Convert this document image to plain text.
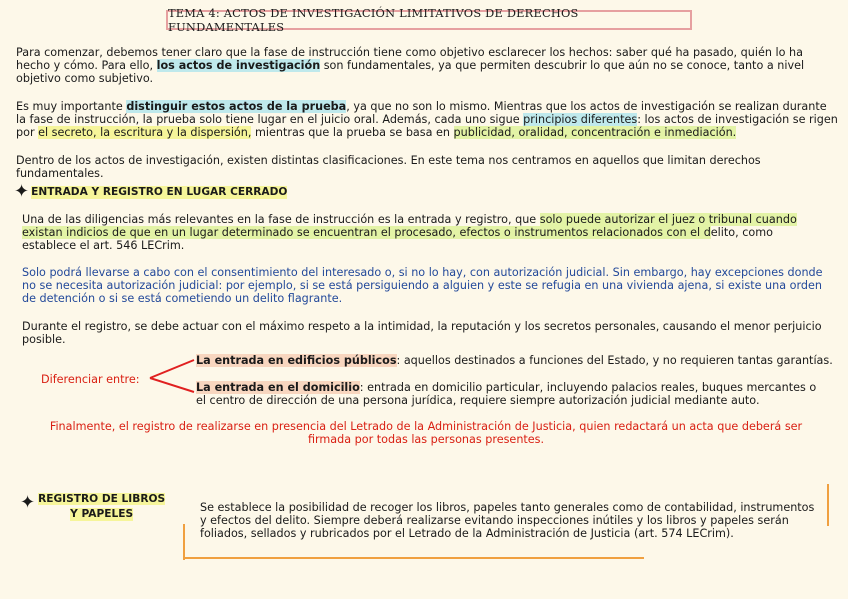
TEMA 4: ACTOS DE INVESTIGACIÓN LIMITATIVOS DE DERECHOS FUNDAMENTALES

Para comenzar, debemos tener claro que la fase de instrucción tiene como objetivo esclarecer los hechos: saber qué ha pasado, quién lo ha hecho y cómo. Para ello, los actos de investigación son fundamentales, ya que permiten descubrir lo que aún no se conoce, tanto a nivel objetivo como subjetivo.

Es muy importante distinguir estos actos de la prueba, ya que no son lo mismo. Mientras que los actos de investigación se realizan durante la fase de instrucción, la prueba solo tiene lugar en el juicio oral. Además, cada uno sigue principios diferentes: los actos de investigación se rigen por el secreto, la escritura y la dispersión, mientras que la prueba se basa en publicidad, oralidad, concentración e inmediación.

Dentro de los actos de investigación, existen distintas clasificaciones. En este tema nos centramos en aquellos que limitan derechos fundamentales.

✦ ENTRADA Y REGISTRO EN LUGAR CERRADO

Una de las diligencias más relevantes en la fase de instrucción es la entrada y registro, que solo puede autorizar el juez o tribunal cuando existan indicios de que en un lugar determinado se encuentran el procesado, efectos o instrumentos relacionados con el delito, como establece el art. 546 LECrim.

Solo podrá llevarse a cabo con el consentimiento del interesado o, si no lo hay, con autorización judicial. Sin embargo, hay excepciones donde no se necesita autorización judicial: por ejemplo, si se está persiguiendo a alguien y este se refugia en una vivienda ajena, si existe una orden de detención o si se está cometiendo un delito flagrante.

Durante el registro, se debe actuar con el máximo respeto a la intimidad, la reputación y los secretos personales, causando el menor perjuicio posible.

Diferenciar entre:

La entrada en edificios públicos: aquellos destinados a funciones del Estado, y no requieren tantas garantías.

La entrada en el domicilio: entrada en domicilio particular, incluyendo palacios reales, buques mercantes o el centro de dirección de una persona jurídica, requiere siempre autorización judicial mediante auto.

Finalmente, el registro de realizarse en presencia del Letrado de la Administración de Justicia, quien redactará un acta que deberá ser firmada por todas las personas presentes.

✦ REGISTRO DE LIBROS
Y PAPELES	Se establece la posibilidad de recoger los libros, papeles tanto generales como de contabilidad, instrumentos y efectos del delito. Siempre deberá realizarse evitando inspecciones inútiles y los libros y papeles serán foliados, sellados y rubricados por el Letrado de la Administración de Justicia (art. 574 LECrim).
